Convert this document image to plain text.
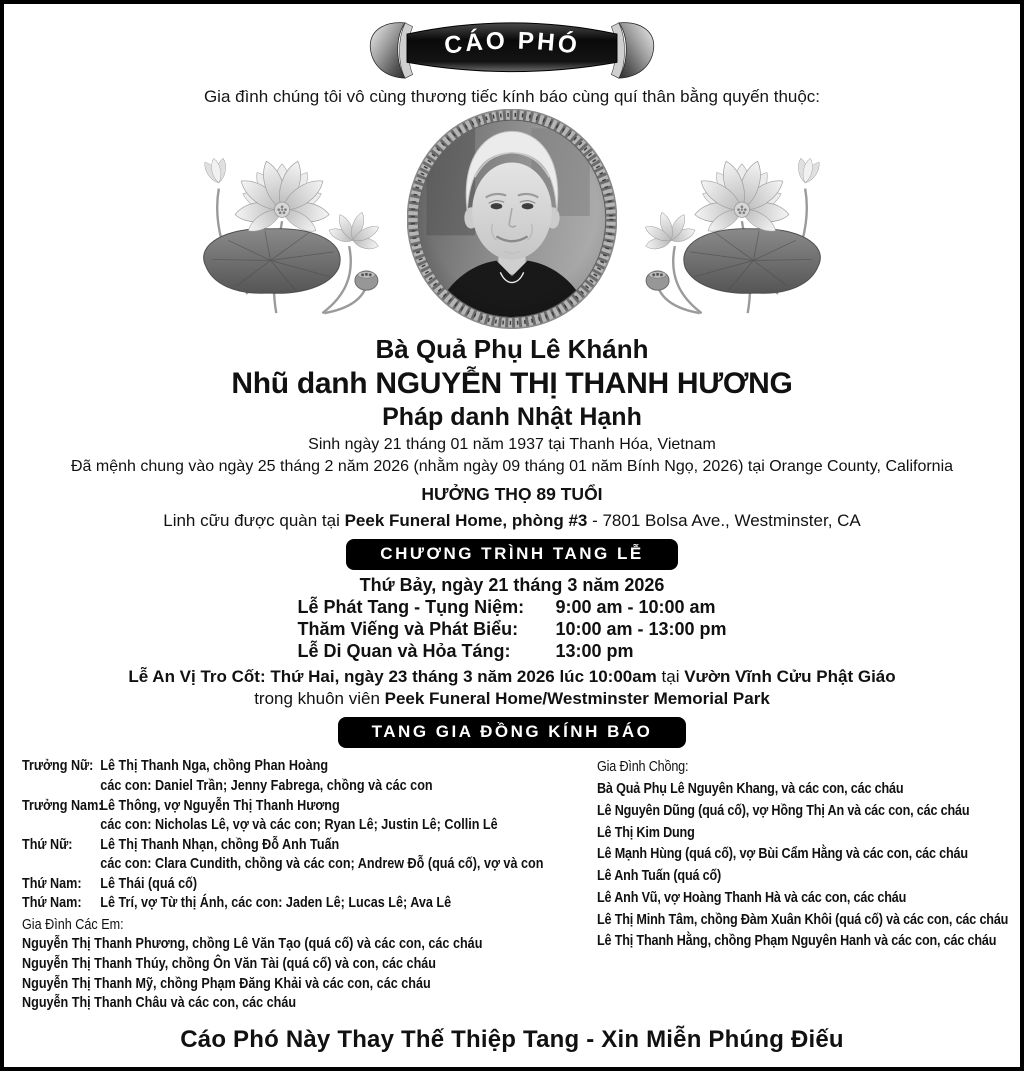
CÁO PHÓ
Gia đình chúng tôi vô cùng thương tiếc kính báo cùng quí thân bằng quyến thuộc:
Bà Quả Phụ Lê Khánh
Nhũ danh NGUYỄN THỊ THANH HƯƠNG
Pháp danh Nhật Hạnh
Sinh ngày 21 tháng 01 năm 1937 tại Thanh Hóa, Vietnam
Đã mệnh chung vào ngày 25 tháng 2 năm 2026 (nhằm ngày 09 tháng 01 năm Bính Ngọ, 2026) tại Orange County, California
HƯỞNG THỌ 89 TUỔI
Linh cữu được quàn tại Peek Funeral Home, phòng #3 - 7801 Bolsa Ave., Westminster, CA
CHƯƠNG TRÌNH TANG LỄ
Thứ Bảy, ngày 21 tháng 3 năm 2026
Lễ Phát Tang - Tụng Niệm:	9:00 am - 10:00 am
Thăm Viếng và Phát Biểu:	10:00 am - 13:00 pm
Lễ Di Quan và Hỏa Táng:	13:00 pm
Lễ An Vị Tro Cốt: Thứ Hai, ngày 23 tháng 3 năm 2026 lúc 10:00am tại Vườn Vĩnh Cửu Phật Giáo
trong khuôn viên Peek Funeral Home/Westminster Memorial Park
TANG GIA ĐỒNG KÍNH BÁO
Trưởng Nữ: Lê Thị Thanh Nga, chồng Phan Hoàng
các con: Daniel Trần; Jenny Fabrega, chồng và các con
Trưởng Nam:
Lê Thông, vợ Nguyễn Thị Thanh Hương
các con: Nicholas Lê, vợ và các con; Ryan Lê; Justin Lê; Collin Lê
Thứ Nữ:	Lê Thị Thanh Nhạn, chồng Đỗ Anh Tuấn
các con: Clara Cundith, chồng và các con; Andrew Đỗ (quá cố), vợ và con
Thứ Nam:	Lê Thái (quá cố)
Thứ Nam:	Lê Trí, vợ Từ thị Ánh, các con: Jaden Lê; Lucas Lê; Ava Lê
Gia Đình Các Em:
Nguyễn Thị Thanh Phương, chồng Lê Văn Tạo (quá cố) và các con, các cháu
Nguyễn Thị Thanh Thúy, chồng Ôn Văn Tài (quá cố) và con, các cháu
Nguyễn Thị Thanh Mỹ, chồng Phạm Đăng Khải và các con, các cháu
Nguyễn Thị Thanh Châu và các con, các cháu
Gia Đình Chồng:
Bà Quả Phụ Lê Nguyên Khang, và các con, các cháu
Lê Nguyên Dũng (quá cố), vợ Hồng Thị An và các con, các cháu
Lê Thị Kim Dung
Lê Mạnh Hùng (quá cố), vợ Bùi Cẩm Hằng và các con, các cháu
Lê Anh Tuấn (quá cố)
Lê Anh Vũ, vợ Hoàng Thanh Hà và các con, các cháu
Lê Thị Minh Tâm, chồng Đàm Xuân Khôi (quá cố) và các con, các cháu
Lê Thị Thanh Hằng, chồng Phạm Nguyên Hanh và các con, các cháu
Cáo Phó Này Thay Thế Thiệp Tang - Xin Miễn Phúng Điếu
